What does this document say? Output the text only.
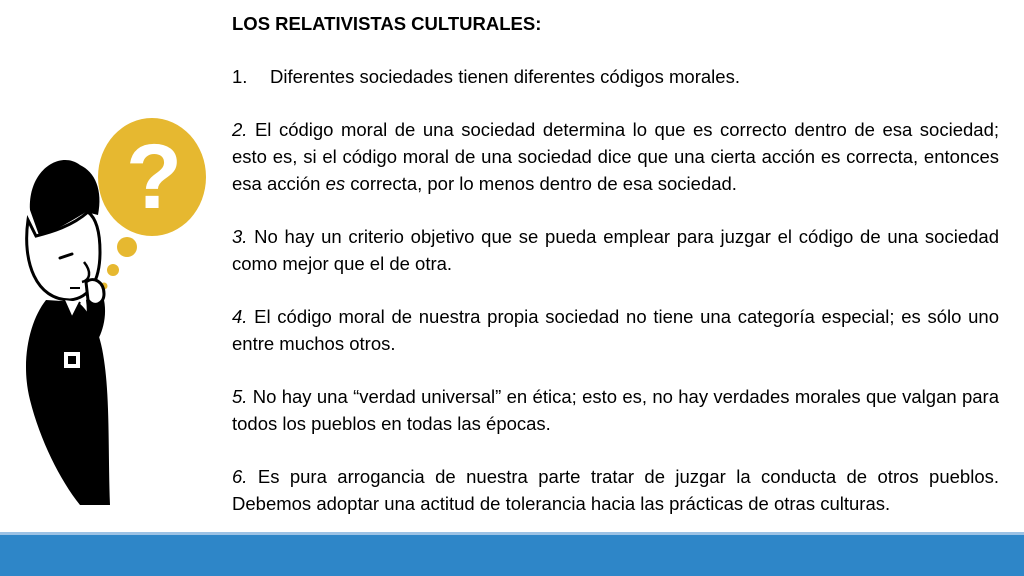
?
LOS RELATIVISTAS CULTURALES:
1.	Diferentes sociedades tienen diferentes códigos morales.

2. El código moral de una sociedad determina lo que es correcto dentro de esa sociedad; esto es, si el código moral de una sociedad dice que una cierta acción es correcta, entonces esa acción es correcta, por lo menos dentro de esa sociedad.

3. No hay un criterio objetivo que se pueda emplear para juzgar el código de una sociedad como mejor que el de otra.

4. El código moral de nuestra propia sociedad no tiene una categoría especial; es sólo uno entre muchos otros.

5. No hay una “verdad universal” en ética; esto es, no hay verdades morales que valgan para todos los pueblos en todas las épocas.

6. Es pura arrogancia de nuestra parte tratar de juzgar la conducta de otros pueblos. Debemos adoptar una actitud de tolerancia hacia las prácticas de otras culturas.
